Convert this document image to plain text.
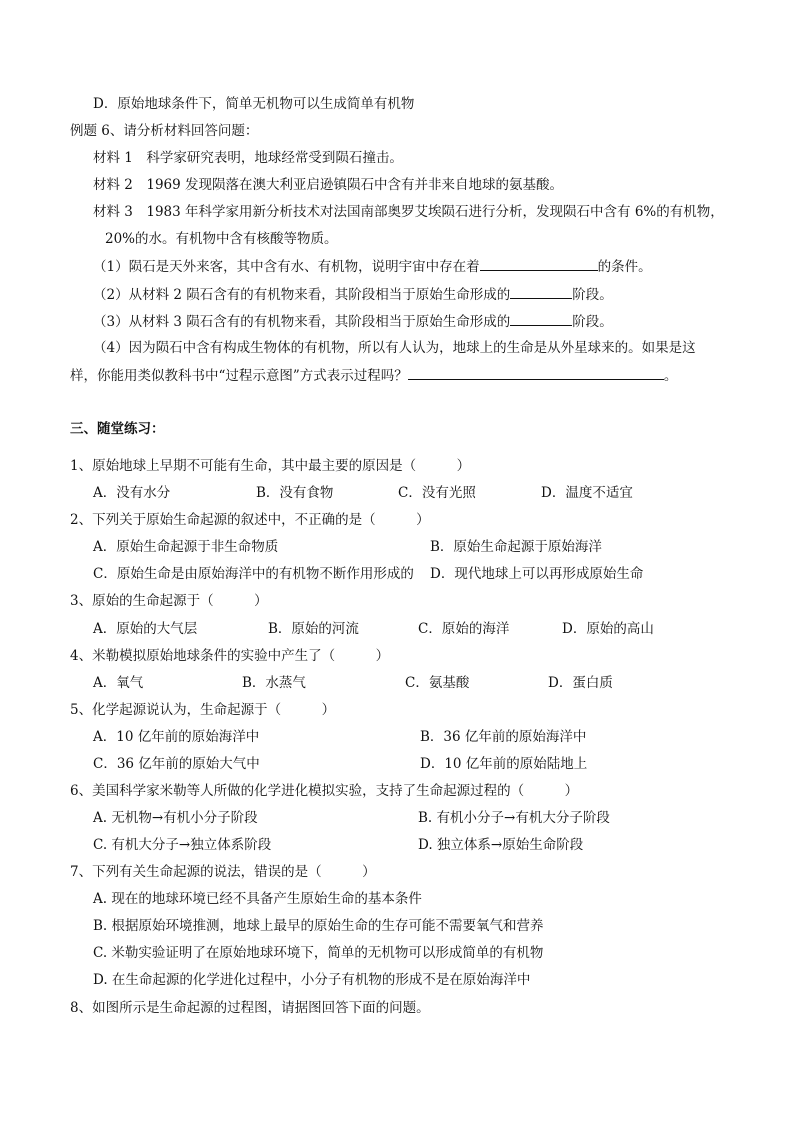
D．原始地球条件下，简单无机物可以生成简单有机物
例题 6、请分析材料回答问题：
材料 1　科学家研究表明，地球经常受到陨石撞击。
材料 2　1969 发现陨落在澳大利亚启逊镇陨石中含有并非来自地球的氨基酸。
材料 3　1983 年科学家用新分析技术对法国南部奥罗艾埃陨石进行分析，发现陨石中含有 6%的有机物，
20%的水。有机物中含有核酸等物质。
（1）陨石是天外来客，其中含有水、有机物，说明宇宙中存在着	的条件。
（2）从材料 2 陨石含有的有机物来看，其阶段相当于原始生命形成的	阶段。
（3）从材料 3 陨石含有的有机物来看，其阶段相当于原始生命形成的	阶段。
（4）因为陨石中含有构成生物体的有机物，所以有人认为，地球上的生命是从外星球来的。如果是这
样，你能用类似教科书中“过程示意图”方式表示过程吗？	。
三、随堂练习：
1、原始地球上早期不可能有生命，其中最主要的原因是（　　　）
A．没有水分	B．没有食物	C．没有光照	D．温度不适宜
2、下列关于原始生命起源的叙述中，不正确的是（　　　）
A．原始生命起源于非生命物质	B．原始生命起源于原始海洋
C．原始生命是由原始海洋中的有机物不断作用形成的 D．现代地球上可以再形成原始生命
3、原始的生命起源于（　　　）
A．原始的大气层	B．原始的河流	C．原始的海洋	D．原始的高山
4、米勒模拟原始地球条件的实验中产生了（　　　）
A．氧气	B．水蒸气	C．氨基酸	D．蛋白质
5、化学起源说认为，生命起源于（　　　）
A．10 亿年前的原始海洋中	B．36 亿年前的原始海洋中
C．36 亿年前的原始大气中	D．10 亿年前的原始陆地上
6、美国科学家米勒等人所做的化学进化模拟实验，支持了生命起源过程的（　　　）
A. 无机物→有机小分子阶段	B. 有机小分子→有机大分子阶段
C. 有机大分子→独立体系阶段	D. 独立体系→原始生命阶段
7、下列有关生命起源的说法，错误的是（　　　）
A. 现在的地球环境已经不具备产生原始生命的基本条件
B. 根据原始环境推测，地球上最早的原始生命的生存可能不需要氧气和营养
C. 米勒实验证明了在原始地球环境下，简单的无机物可以形成简单的有机物
D. 在生命起源的化学进化过程中，小分子有机物的形成不是在原始海洋中
8、如图所示是生命起源的过程图，请据图回答下面的问题。
